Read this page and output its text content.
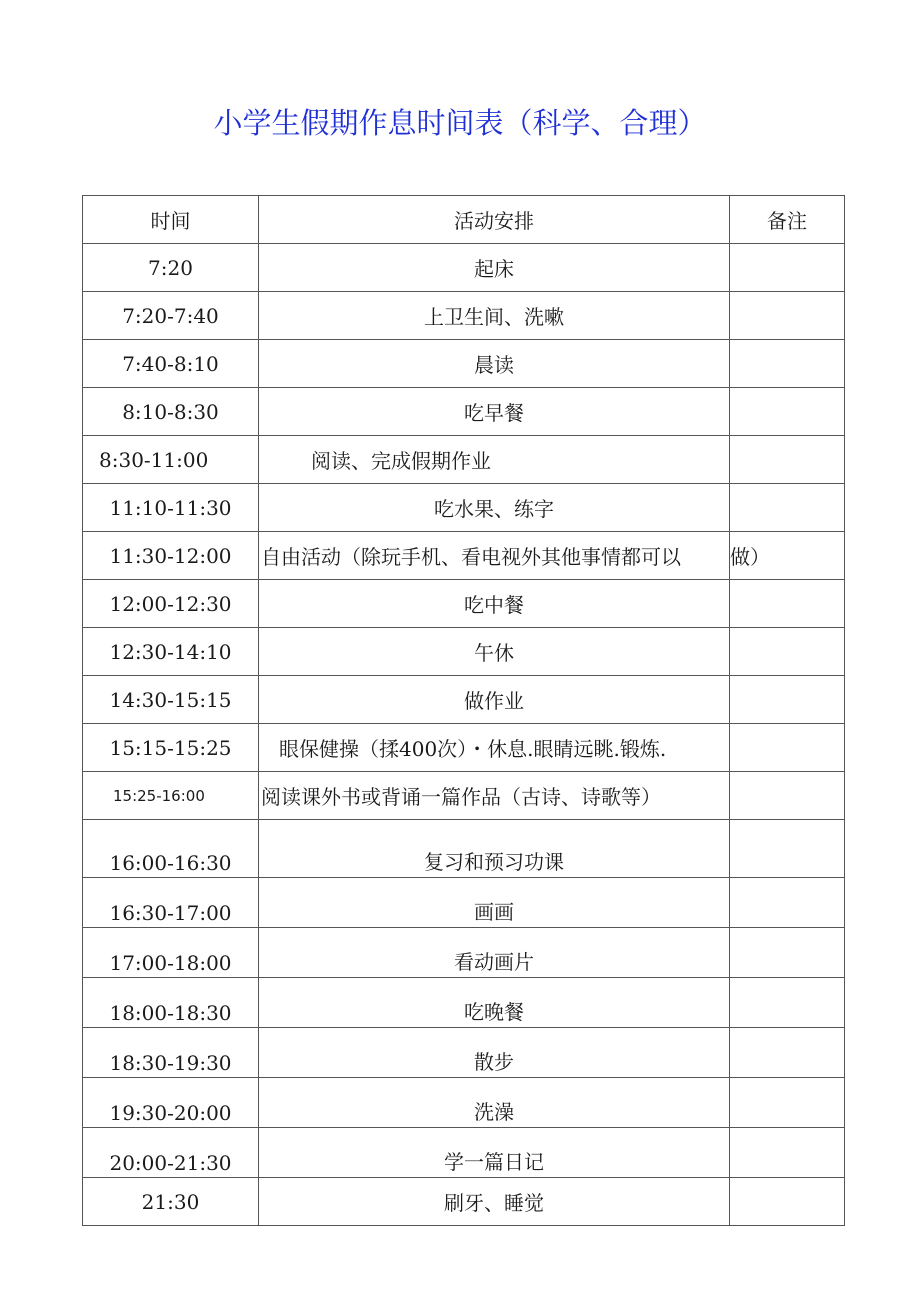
小学生假期作息时间表（科学、合理）
时间	活动安排	备注
7:20	起床	
7:20-7:40	上卫生间、洗嗽	
7:40-8:10	晨读	
8:10-8:30	吃早餐	
8:30-11:00	阅读、完成假期作业	
11:10-11:30	吃水果、练字	
11:30-12:00	自由活动（除玩手机、看电视外其他事情都可以	做）
12:00-12:30	吃中餐	
12:30-14:10	午休	
14:30-15:15	做作业	
15:15-15:25	眼保健操（揉400次）・休息.眼睛远眺.锻炼.	
15:25-16:00	阅读课外书或背诵一篇作品（古诗、诗歌等）	
16:00-16:30	复习和预习功课	
16:30-17:00	画画	
17:00-18:00	看动画片	
18:00-18:30	吃晚餐	
18:30-19:30	散步	
19:30-20:00	洗澡	
20:00-21:30	学一篇日记	
21:30	刷牙、睡觉	
